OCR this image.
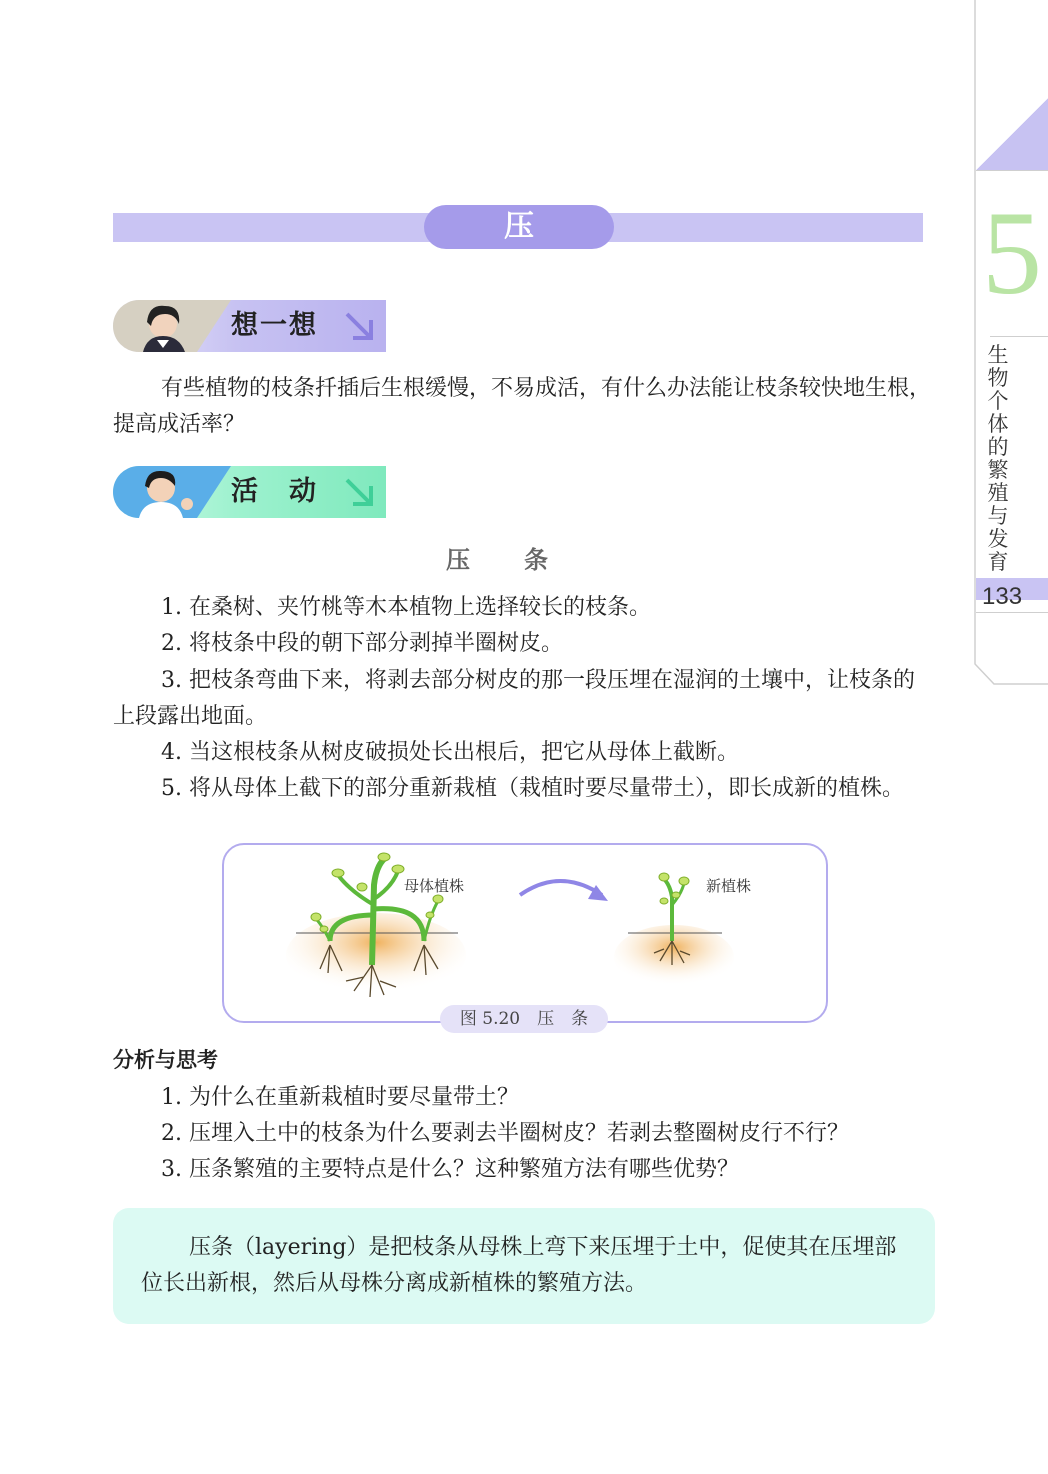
5
生物个体的繁殖与发育
133
压条
想一想
有些植物的枝条扦插后生根缓慢，不易成活，有什么办法能让枝条较快地生根，提高成活率？
活　动
压条
1. 在桑树、夹竹桃等木本植物上选择较长的枝条。
2. 将枝条中段的朝下部分剥掉半圈树皮。
3. 把枝条弯曲下来，将剥去部分树皮的那一段压埋在湿润的土壤中，让枝条的上段露出地面。
4. 当这根枝条从树皮破损处长出根后，把它从母体上截断。
5. 将从母体上截下的部分重新栽植（栽植时要尽量带土），即长成新的植株。
母体植株	新植株
图 5.20　压　条
分析与思考
1. 为什么在重新栽植时要尽量带土？
2. 压埋入土中的枝条为什么要剥去半圈树皮？若剥去整圈树皮行不行？
3. 压条繁殖的主要特点是什么？这种繁殖方法有哪些优势？
压条（layering）是把枝条从母株上弯下来压埋于土中，促使其在压埋部位长出新根，然后从母株分离成新植株的繁殖方法。
